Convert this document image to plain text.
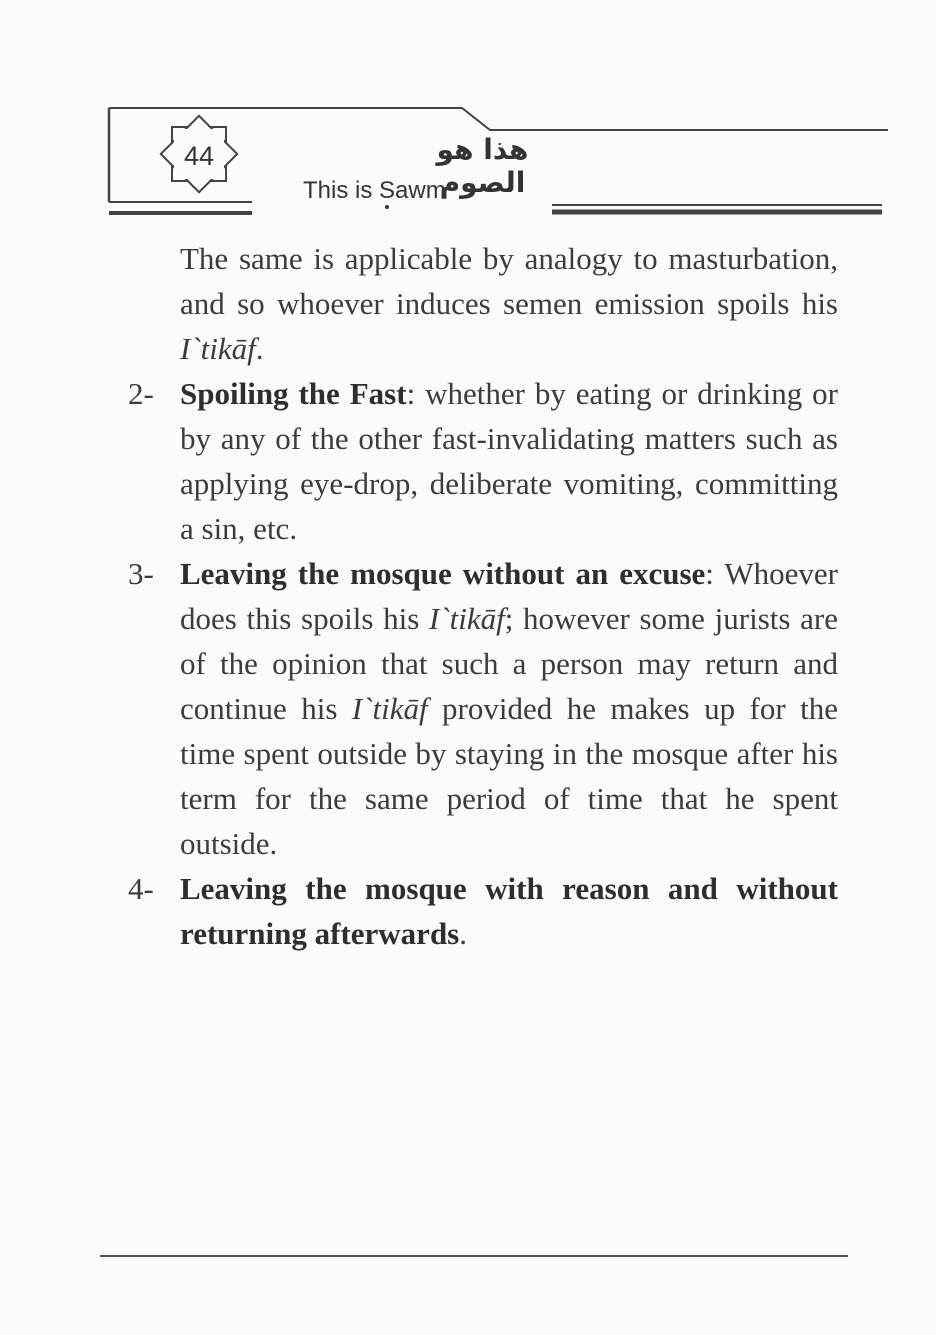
44	هذا هو الصوم
This is Sawm
The same is applicable by analogy to masturbation, and so whoever induces semen emission spoils his I`tikāf.
2- Spoiling the Fast: whether by eating or drinking or by any of the other fast-invalidating matters such as applying eye-drop, deliberate vomiting, committing a sin, etc.
3- Leaving the mosque without an excuse: Whoever does this spoils his I`tikāf; however some jurists are of the opinion that such a person may return and continue his I`tikāf provided he makes up for the time spent outside by staying in the mosque after his term for the same period of time that he spent outside.
4- Leaving the mosque with reason and without returning afterwards.
